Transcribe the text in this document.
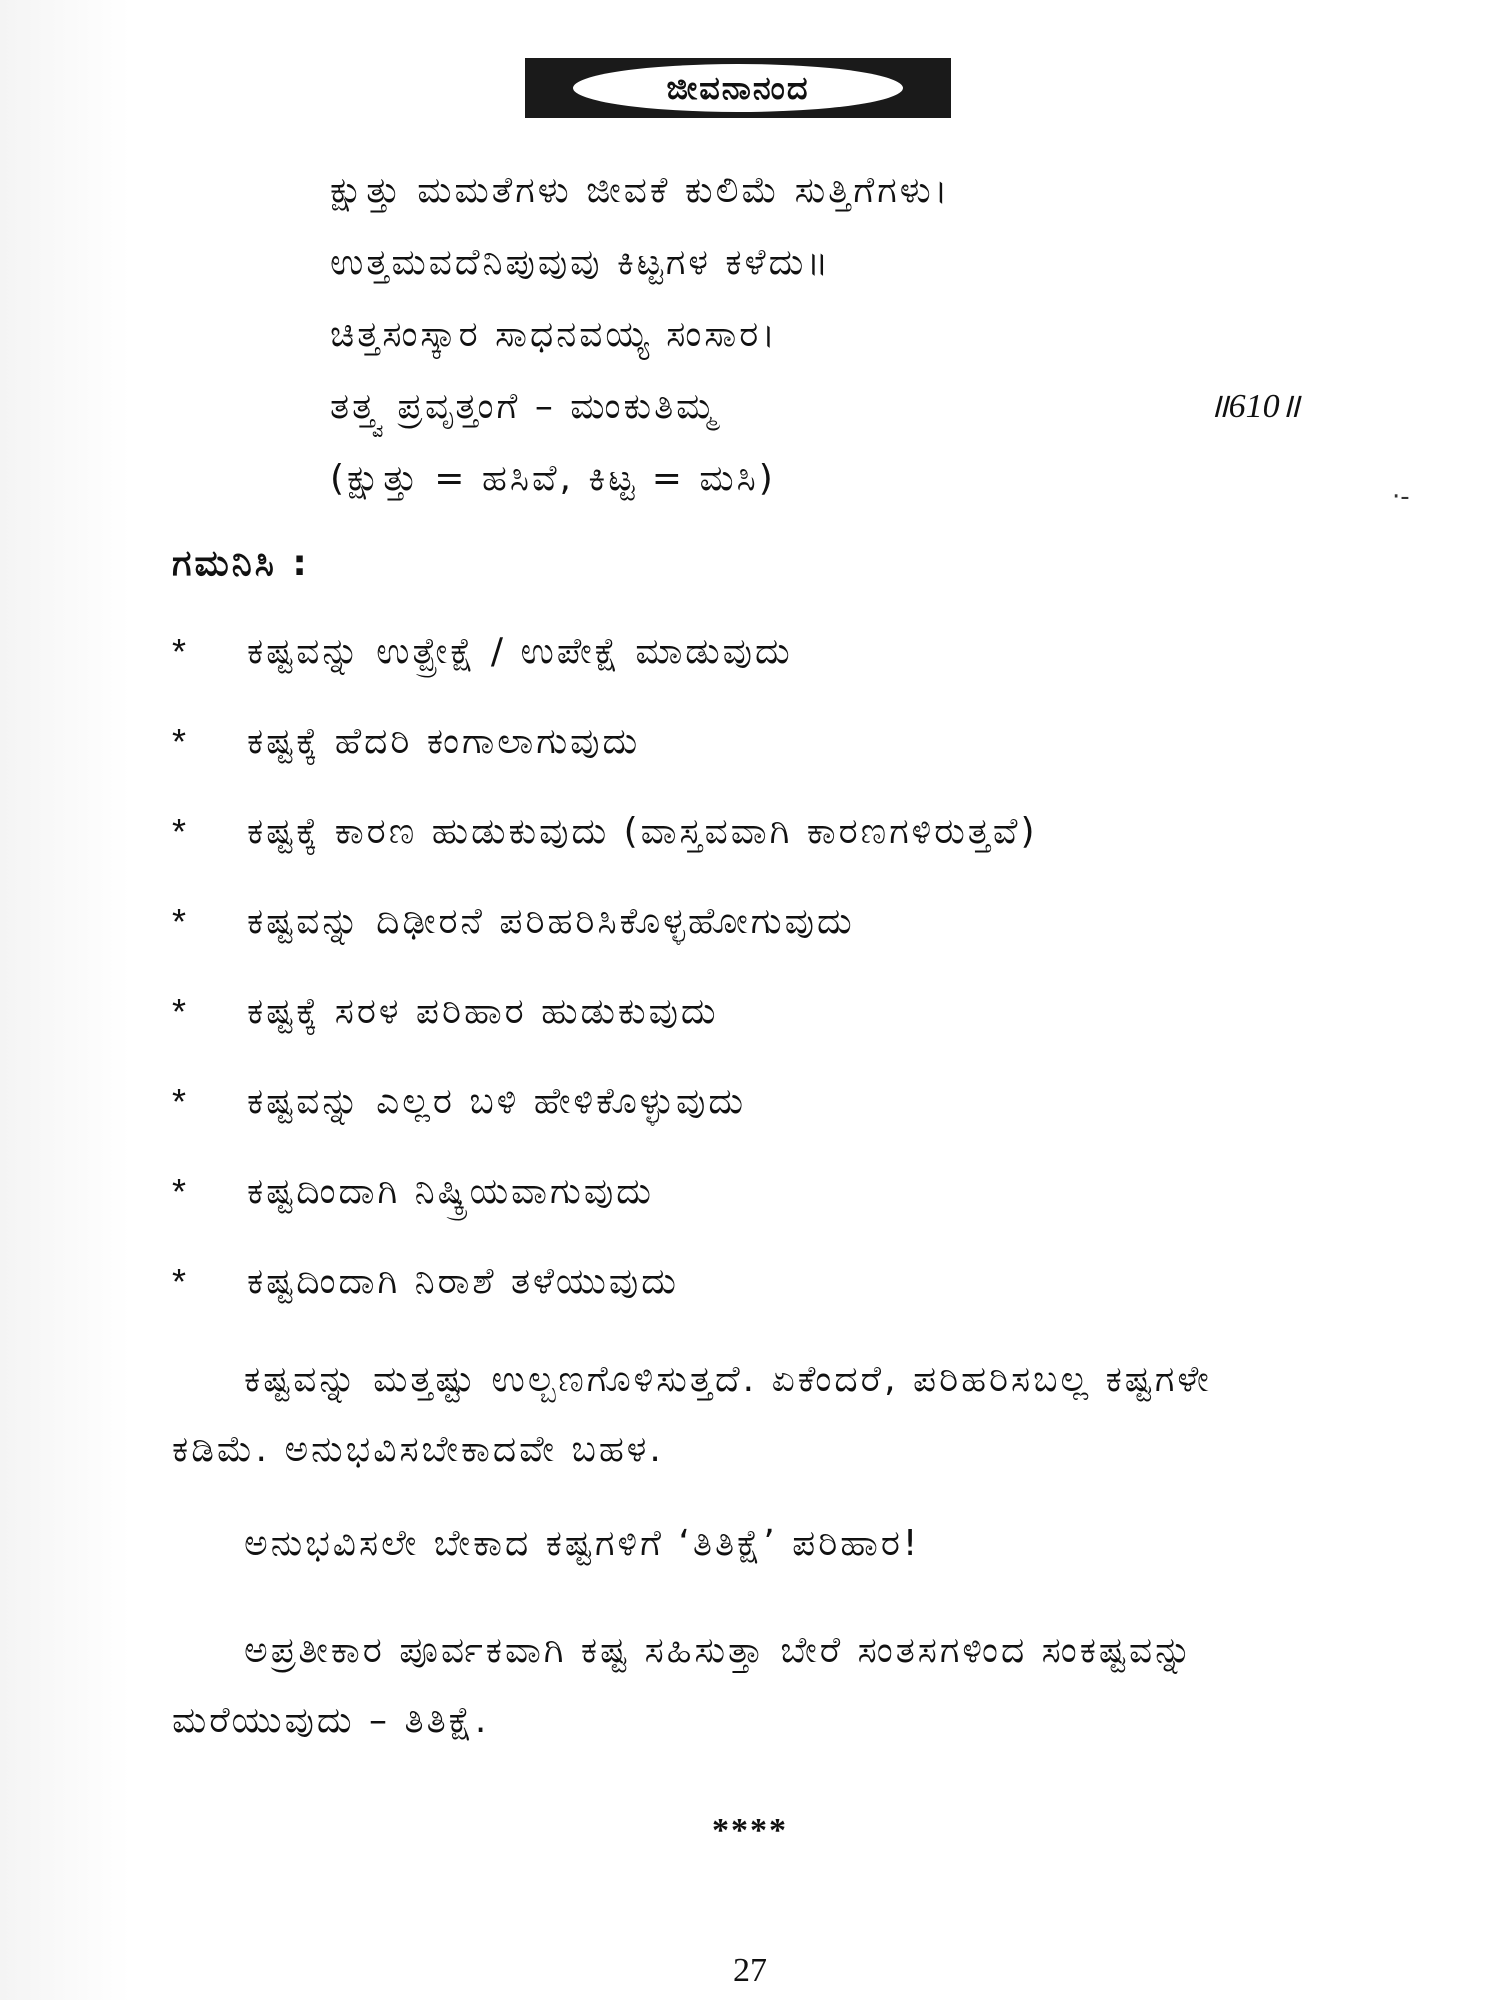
ಜೀವನಾನಂದ
ಕ್ಷುತ್ತು ಮಮತೆಗಳು ಜೀವಕೆ ಕುಲಿಮೆ ಸುತ್ತಿಗೆಗಳು।
ಉತ್ತಮವದೆನಿಪುವುವು ಕಿಟ್ಟಗಳ ಕಳೆದು॥
ಚಿತ್ತಸಂಸ್ಕಾರ ಸಾಧನವಯ್ಯ ಸಂಸಾರ।
ತತ್ತ್ವ ಪ್ರವೃತ್ತಂಗೆ – ಮಂಕುತಿಮ್ಮ
(ಕ್ಷುತ್ತು = ಹಸಿವೆ, ಕಿಟ್ಟ = ಮಸಿ)
॥610॥
·-
ಗಮನಿಸಿ :
*	ಕಷ್ಟವನ್ನು ಉತ್ಪ್ರೇಕ್ಷೆ / ಉಪೇಕ್ಷೆ ಮಾಡುವುದು
*	ಕಷ್ಟಕ್ಕೆ ಹೆದರಿ ಕಂಗಾಲಾಗುವುದು
*	ಕಷ್ಟಕ್ಕೆ ಕಾರಣ ಹುಡುಕುವುದು (ವಾಸ್ತವವಾಗಿ ಕಾರಣಗಳಿರುತ್ತವೆ)
*	ಕಷ್ಟವನ್ನು ದಿಢೀರನೆ ಪರಿಹರಿಸಿಕೊಳ್ಳಹೋಗುವುದು
*	ಕಷ್ಟಕ್ಕೆ ಸರಳ ಪರಿಹಾರ ಹುಡುಕುವುದು
*	ಕಷ್ಟವನ್ನು ಎಲ್ಲರ ಬಳಿ ಹೇಳಿಕೊಳ್ಳುವುದು
*	ಕಷ್ಟದಿಂದಾಗಿ ನಿಷ್ಕ್ರಿಯವಾಗುವುದು
*	ಕಷ್ಟದಿಂದಾಗಿ ನಿರಾಶೆ ತಳೆಯುವುದು

ಕಷ್ಟವನ್ನು ಮತ್ತಷ್ಟು ಉಲ್ಬಣಗೊಳಿಸುತ್ತದೆ. ಏಕೆಂದರೆ, ಪರಿಹರಿಸಬಲ್ಲ ಕಷ್ಟಗಳೇ ಕಡಿಮೆ. ಅನುಭವಿಸಬೇಕಾದವೇ ಬಹಳ.

ಅನುಭವಿಸಲೇ ಬೇಕಾದ ಕಷ್ಟಗಳಿಗೆ ‘ತಿತಿಕ್ಷೆ’ ಪರಿಹಾರ!

ಅಪ್ರತೀಕಾರ ಪೂರ್ವಕವಾಗಿ ಕಷ್ಟ ಸಹಿಸುತ್ತಾ ಬೇರೆ ಸಂತಸಗಳಿಂದ ಸಂಕಷ್ಟವನ್ನು ಮರೆಯುವುದು – ತಿತಿಕ್ಷೆ.

****
27
